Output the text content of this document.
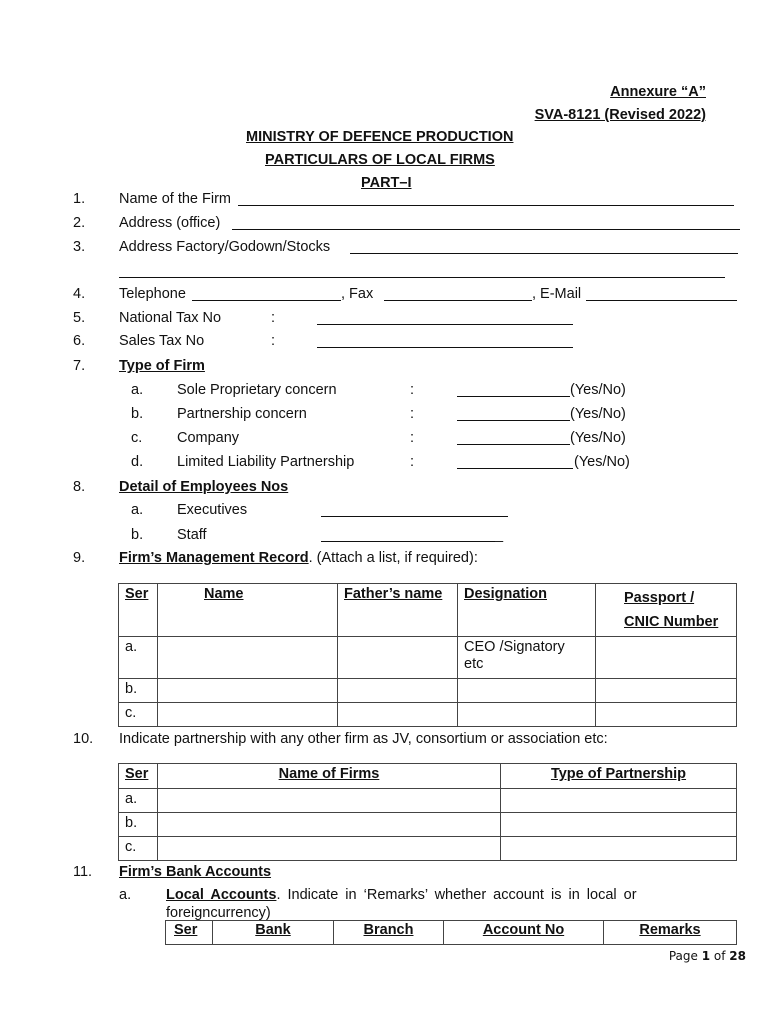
Annexure “A”
SVA-8121 (Revised 2022)
MINISTRY OF DEFENCE PRODUCTION
PARTICULARS OF LOCAL FIRMS
PART–I
1. Name of the Firm
2. Address (office)
3. Address Factory/Godown/Stocks
4. Telephone	, Fax	, E-Mail
5. National Tax No	:
6. Sales Tax No	:
7. Type of Firm
a. Sole Proprietary concern	:	(Yes/No)
b. Partnership concern	:	(Yes/No)
c. Company	:	(Yes/No)
d. Limited Liability Partnership	:	(Yes/No)
8. Detail of Employees Nos
a. Executives
b. Staff	_
9. Firm’s Management Record. (Attach a list, if required):
Ser	Name	Father’s name	Designation	Passport /
CNIC Number
a.			CEO /Signatory
etc	
b.				
c.				
10. Indicate partnership with any other firm as JV, consortium or association etc:
Ser	Name of Firms	Type of Partnership
a.		
b.		
c.		
11. Firm’s Bank Accounts
a. Local Accounts. Indicate in ‘Remarks’ whether account is in local or
foreigncurrency)
Ser	Bank	Branch	Account No	Remarks
Page 1 of 28
